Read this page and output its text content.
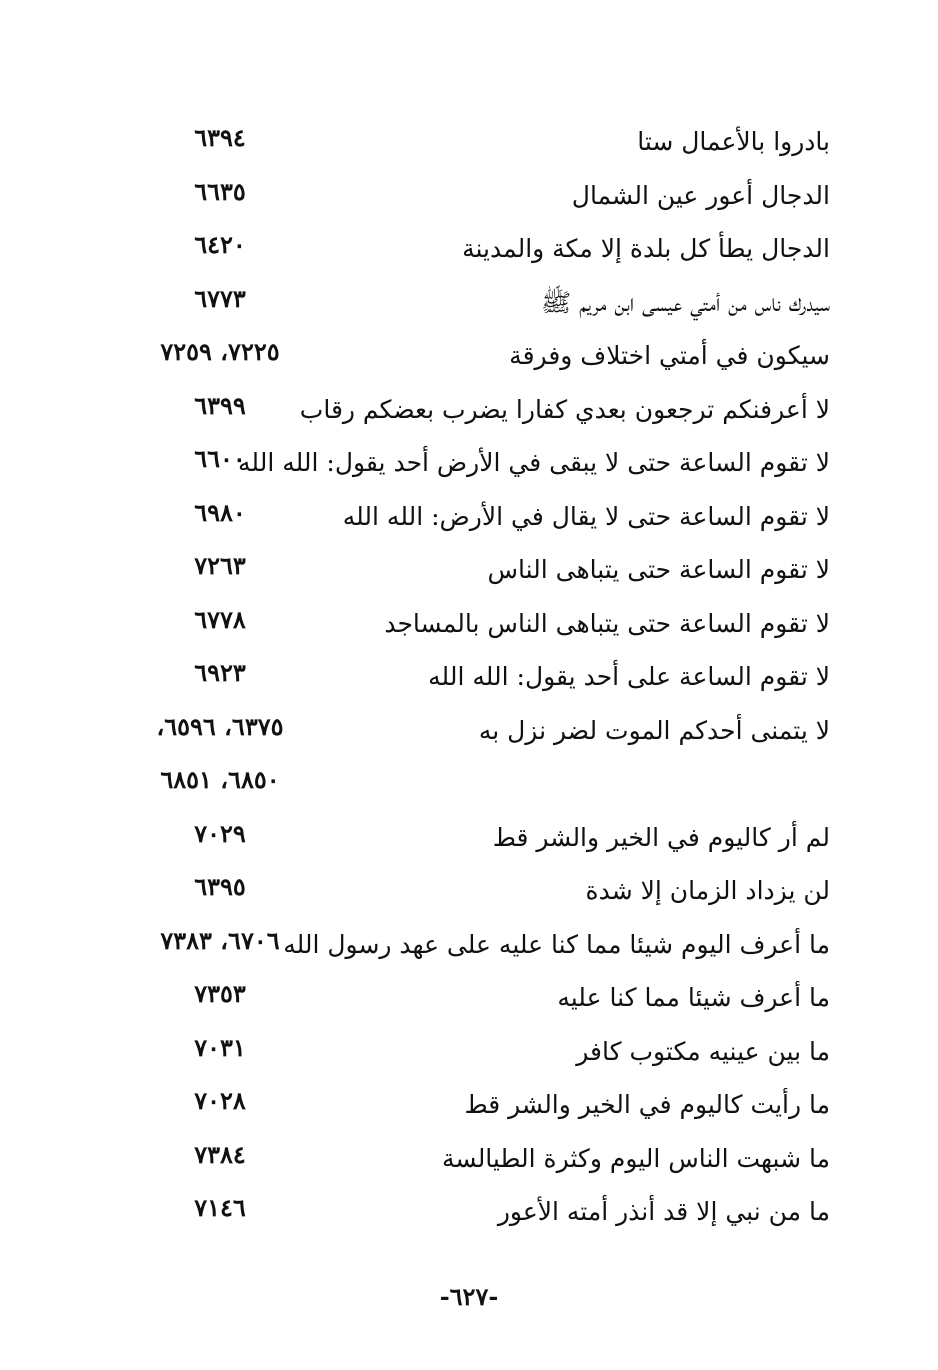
بادروا بالأعمال ستا
٦٣٩٤
الدجال أعور عين الشمال
٦٦٣٥
الدجال يطأ كل بلدة إلا مكة والمدينة
٦٤٢٠
سيدرك ناس من أمتي عيسى ابن مريم ﷺ
٦٧٧٣
سيكون في أمتي اختلاف وفرقة
٧٢٢٥، ٧٢٥٩
لا أعرفنكم ترجعون بعدي كفارا يضرب بعضكم رقاب
٦٣٩٩
لا تقوم الساعة حتى لا يبقى في الأرض أحد يقول: الله الله
٦٦٠٠
لا تقوم الساعة حتى لا يقال في الأرض: الله الله
٦٩٨٠
لا تقوم الساعة حتى يتباهى الناس
٧٢٦٣
لا تقوم الساعة حتى يتباهى الناس بالمساجد
٦٧٧٨
لا تقوم الساعة على أحد يقول: الله الله
٦٩٢٣
لا يتمنى أحدكم الموت لضر نزل به
٦٣٧٥، ٦٥٩٦،
٦٨٥٠، ٦٨٥١
لم أر كاليوم في الخير والشر قط
٧٠٢٩
لن يزداد الزمان إلا شدة
٦٣٩٥
ما أعرف اليوم شيئا مما كنا عليه على عهد رسول الله
٦٧٠٦، ٧٣٨٣
ما أعرف شيئا مما كنا عليه
٧٣٥٣
ما بين عينيه مكتوب كافر
٧٠٣١
ما رأيت كاليوم في الخير والشر قط
٧٠٢٨
ما شبهت الناس اليوم وكثرة الطيالسة
٧٣٨٤
ما من نبي إلا قد أنذر أمته الأعور
٧١٤٦
-٦٢٧-
